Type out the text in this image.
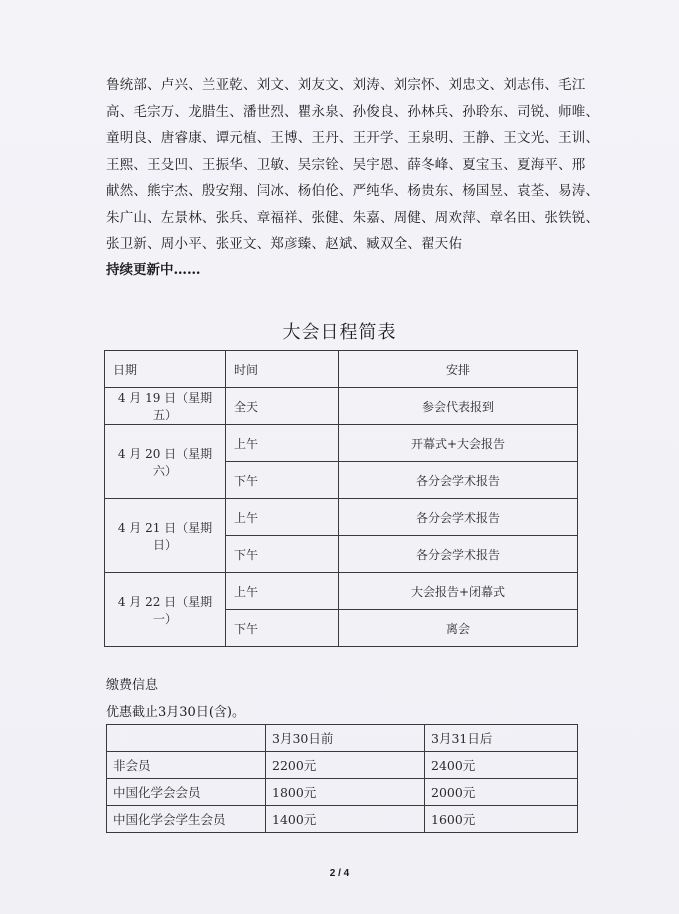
鲁统部、卢兴、兰亚乾、刘文、刘友文、刘涛、刘宗怀、刘忠文、刘志伟、毛江
高、毛宗万、龙腊生、潘世烈、瞿永泉、孙俊良、孙林兵、孙聆东、司锐、师唯、
童明良、唐睿康、谭元植、王博、王丹、王开学、王泉明、王静、王文光、王训、
王熙、王殳凹、王振华、卫敏、吴宗铨、吴宇恩、薛冬峰、夏宝玉、夏海平、邢
献然、熊宇杰、殷安翔、闫冰、杨伯伦、严纯华、杨贵东、杨国昱、袁荃、易涛、
朱广山、左景林、张兵、章福祥、张健、朱嘉、周健、周欢萍、章名田、张铁锐、
张卫新、周小平、张亚文、郑彦臻、赵斌、臧双全、翟天佑
持续更新中……
大会日程简表
日期	时间	安排
4 月 19 日（星期五）	全天	参会代表报到
4 月 20 日（星期六）	上午	开幕式+大会报告
	下午	各分会学术报告
4 月 21 日（星期日）	上午	各分会学术报告
	下午	各分会学术报告
4 月 22 日（星期一）	上午	大会报告+闭幕式
	下午	离会
缴费信息
优惠截止3月30日(含)。
	3月30日前	3月31日后
非会员	2200元	2400元
中国化学会会员	1800元	2000元
中国化学会学生会员	1400元	1600元
2 / 4
